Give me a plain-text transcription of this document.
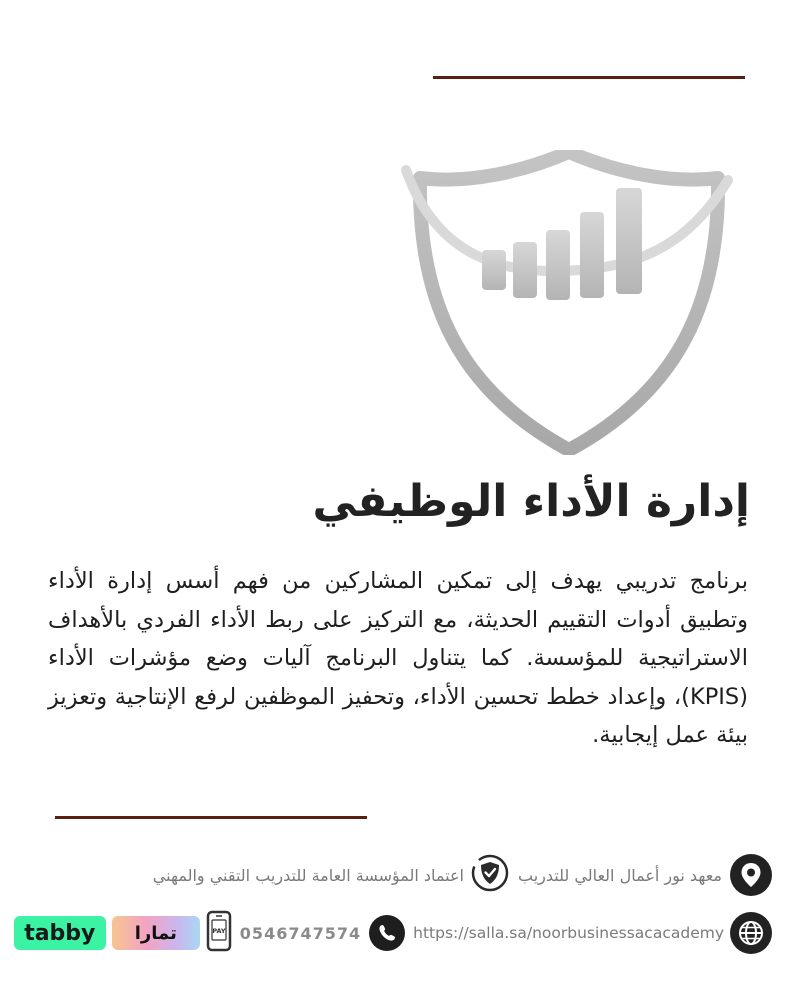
إدارة الأداء الوظيفي

برنامج تدريبي يهدف إلى تمكين المشاركين من فهم أسس إدارة الأداء وتطبيق أدوات التقييم الحديثة، مع التركيز على ربط الأداء الفردي بالأهداف الاستراتيجية للمؤسسة. كما يتناول البرنامج آليات وضع مؤشرات الأداء (KPIS)، وإعداد خطط تحسين الأداء، وتحفيز الموظفين لرفع الإنتاجية وتعزيز بيئة عمل إيجابية.

معهد نور أعمال العالي للتدريب
اعتماد المؤسسة العامة للتدريب التقني والمهني
https://salla.sa/noorbusinessacacademy
0546747574
PAY
تمارا
tabby
